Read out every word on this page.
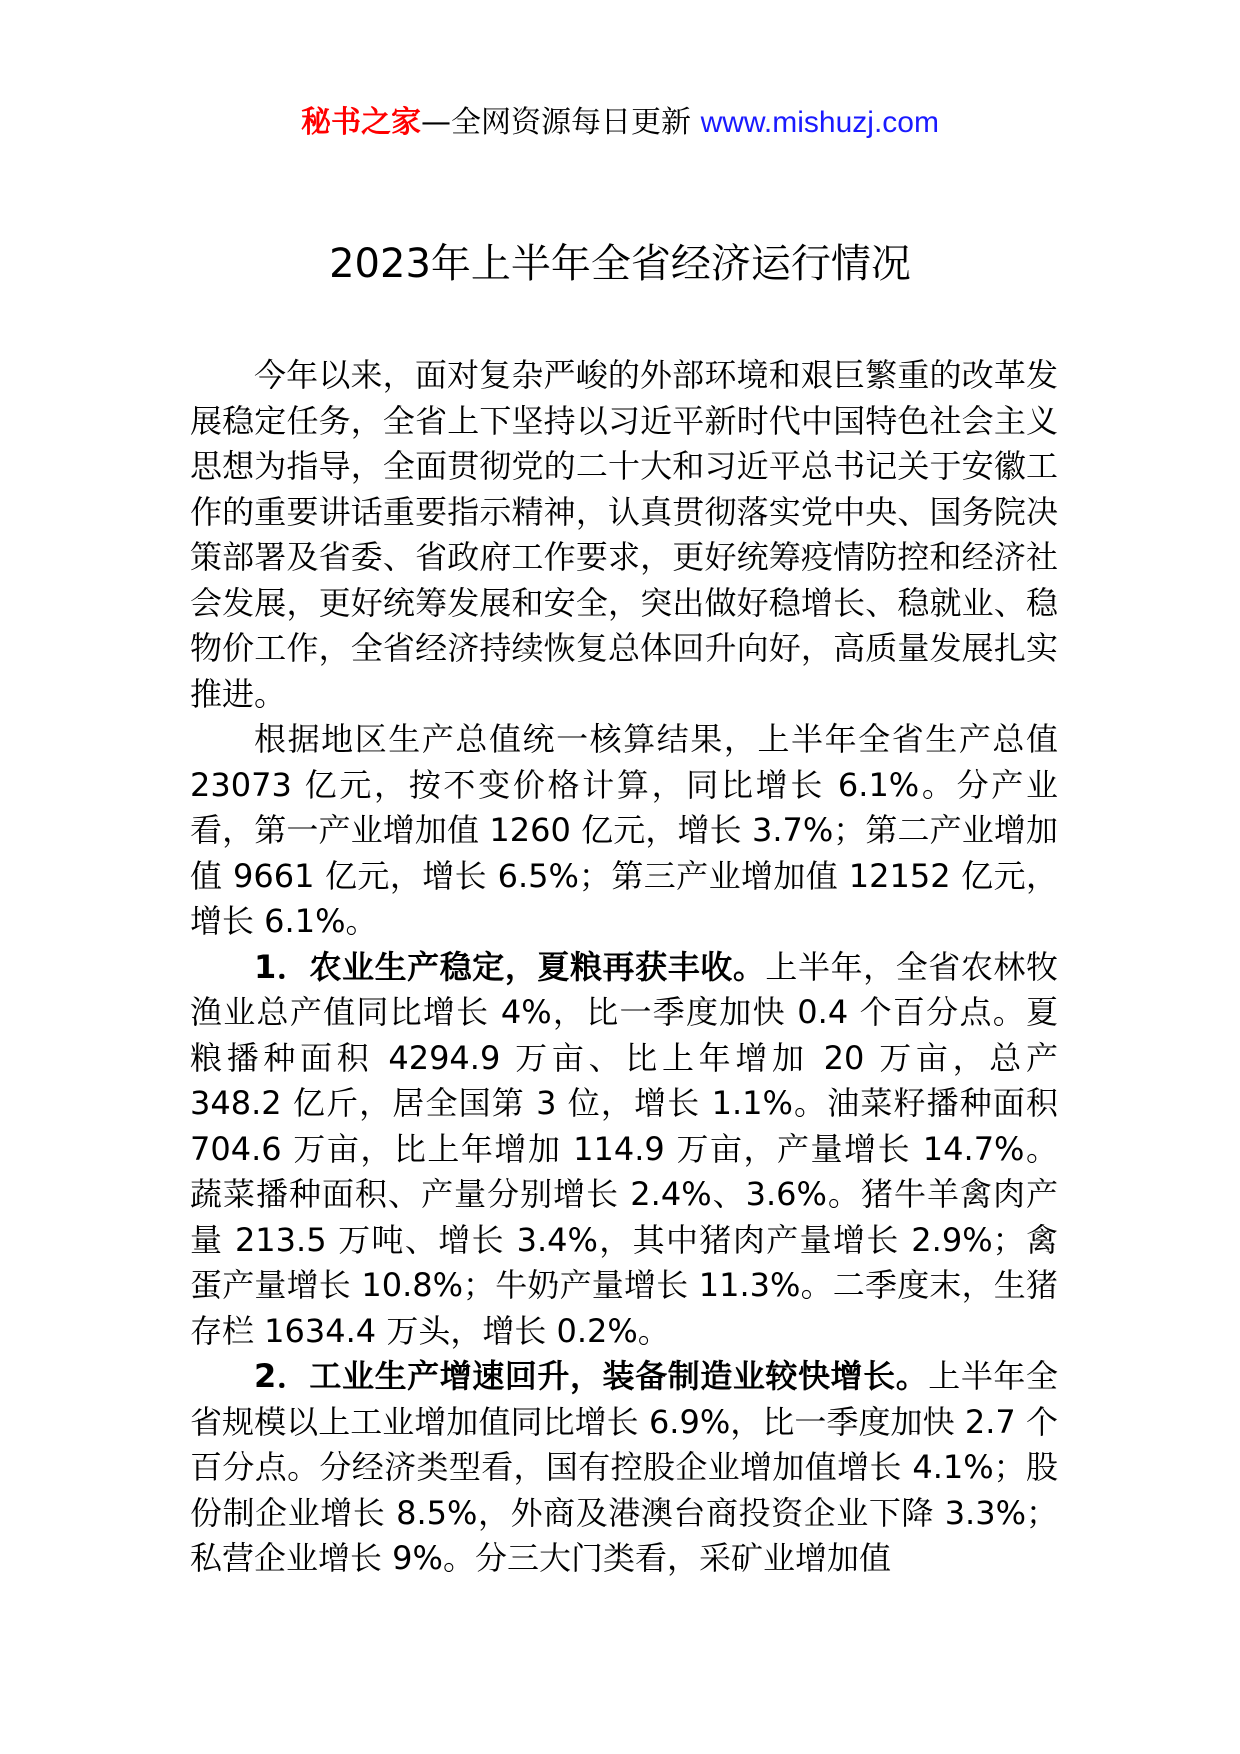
秘书之家—全网资源每日更新 www.mishuzj.com
2023年上半年全省经济运行情况

今年以来，面对复杂严峻的外部环境和艰巨繁重的改革发展稳定任务，全省上下坚持以习近平新时代中国特色社会主义思想为指导，全面贯彻党的二十大和习近平总书记关于安徽工作的重要讲话重要指示精神，认真贯彻落实党中央、国务院决策部署及省委、省政府工作要求，更好统筹疫情防控和经济社会发展，更好统筹发展和安全，突出做好稳增长、稳就业、稳物价工作，全省经济持续恢复总体回升向好，高质量发展扎实推进。

根据地区生产总值统一核算结果，上半年全省生产总值 23073 亿元，按不变价格计算，同比增长 6.1%。分产业看，第一产业增加值 1260 亿元，增长 3.7%；第二产业增加值 9661 亿元，增长 6.5%；第三产业增加值 12152 亿元，增长 6.1%。

1．农业生产稳定，夏粮再获丰收。上半年，全省农林牧渔业总产值同比增长 4%，比一季度加快 0.4 个百分点。夏粮播种面积 4294.9 万亩、比上年增加 20 万亩，总产 348.2 亿斤，居全国第 3 位，增长 1.1%。油菜籽播种面积 704.6 万亩，比上年增加 114.9 万亩，产量增长 14.7%。蔬菜播种面积、产量分别增长 2.4%、3.6%。猪牛羊禽肉产量 213.5 万吨、增长 3.4%，其中猪肉产量增长 2.9%；禽蛋产量增长 10.8%；牛奶产量增长 11.3%。二季度末，生猪存栏 1634.4 万头，增长 0.2%。

2．工业生产增速回升，装备制造业较快增长。上半年全省规模以上工业增加值同比增长 6.9%，比一季度加快 2.7 个百分点。分经济类型看，国有控股企业增加值增长 4.1%；股份制企业增长 8.5%，外商及港澳台商投资企业下降 3.3%；私营企业增长 9%。分三大门类看，采矿业增加值
